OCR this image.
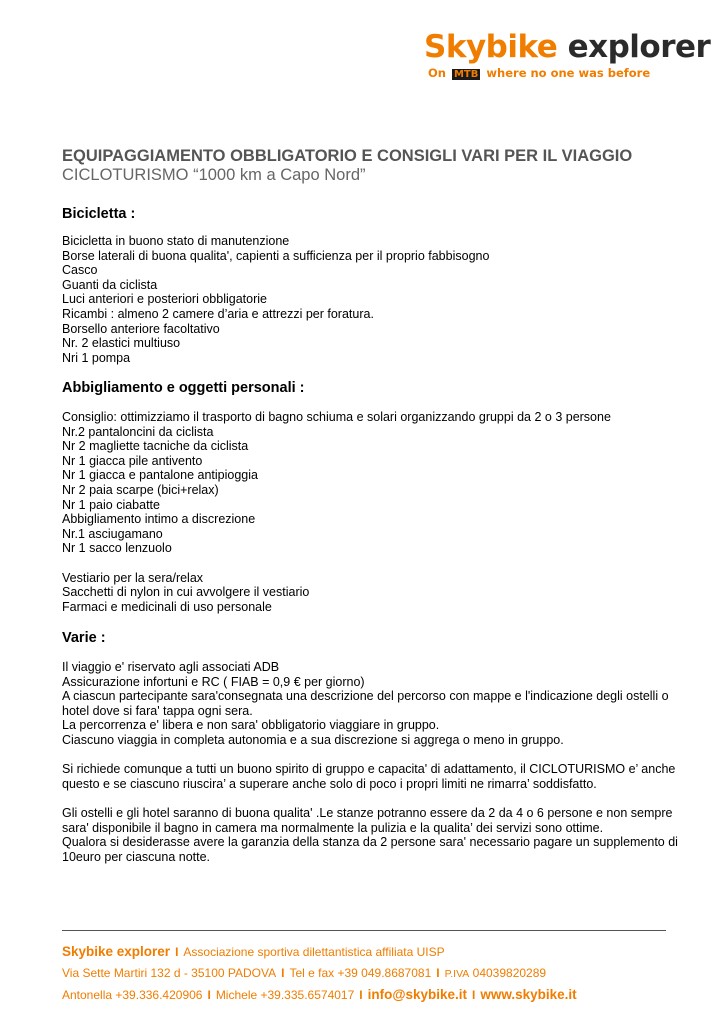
Skybike explorer
On MTB where no one was before
EQUIPAGGIAMENTO OBBLIGATORIO E CONSIGLI VARI PER IL VIAGGIO
CICLOTURISMO “1000 km a Capo Nord”
Bicicletta :
Bicicletta in buono stato di manutenzione
Borse laterali di buona qualita', capienti a sufficienza per il proprio fabbisogno
Casco
Guanti da ciclista
Luci anteriori e posteriori obbligatorie
Ricambi : almeno 2 camere d’aria e attrezzi per foratura.
Borsello anteriore facoltativo
Nr. 2 elastici multiuso
Nri 1 pompa
Abbigliamento e oggetti personali :
Consiglio: ottimizziamo il trasporto di bagno schiuma e solari organizzando gruppi da 2 o 3 persone
Nr.2 pantaloncini da ciclista
Nr 2 magliette tacniche da ciclista
Nr 1 giacca pile antivento
Nr 1 giacca e pantalone antipioggia
Nr 2 paia scarpe (bici+relax)
Nr 1 paio ciabatte
Abbigliamento intimo a discrezione
Nr.1 asciugamano
Nr 1 sacco lenzuolo
Vestiario per la sera/relax
Sacchetti di nylon in cui avvolgere il vestiario
Farmaci e medicinali di uso personale
Varie :
Il viaggio e' riservato agli associati ADB
Assicurazione infortuni e RC ( FIAB = 0,9 € per giorno)
A ciascun partecipante sara'consegnata una descrizione del percorso con mappe e l'indicazione degli ostelli o
hotel dove si fara' tappa ogni sera.
La percorrenza e' libera e non sara' obbligatorio viaggiare in gruppo.
Ciascuno viaggia in completa autonomia e a sua discrezione si aggrega o meno in gruppo.
Si richiede comunque a tutti un buono spirito di gruppo e capacita' di adattamento, il CICLOTURISMO e’ anche
questo e se ciascuno riuscira’ a superare anche solo di poco i propri limiti ne rimarra’ soddisfatto.
Gli ostelli e gli hotel saranno di buona qualita' .Le stanze potranno essere da 2 da 4 o 6 persone e non sempre
sara' disponibile il bagno in camera ma normalmente la pulizia e la qualita’ dei servizi sono ottime.
Qualora si desiderasse avere la garanzia della stanza da 2 persone sara' necessario pagare un supplemento di
10euro per ciascuna notte.
Skybike explorer I Associazione sportiva dilettantistica affiliata UISP
Via Sette Martiri 132 d - 35100 PADOVA I Tel e fax +39 049.8687081 I P.IVA 04039820289
Antonella +39.336.420906 I Michele +39.335.6574017 I info@skybike.it I www.skybike.it
